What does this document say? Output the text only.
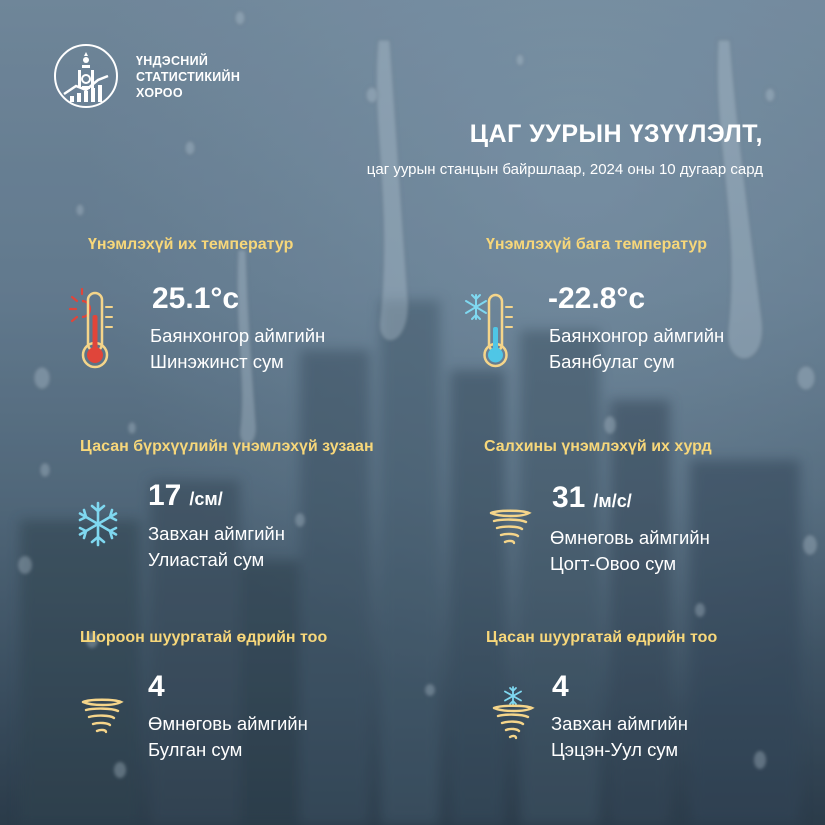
ҮНДЭСНИЙ
СТАТИСТИКИЙН
ХОРОО
ЦАГ УУРЫН ҮЗҮҮЛЭЛТ,
цаг уурын станцын байршлаар, 2024 оны 10 дугаар сард
Үнэмлэхүй их температур
25.1°c
Баянхонгор аймгийн
Шинэжинст сум
Үнэмлэхүй бага температур
-22.8°c
Баянхонгор аймгийн
Баянбулаг сум
Цасан бүрхүүлийн үнэмлэхүй зузаан
17 /см/
Завхан аймгийн
Улиастай сум
Салхины үнэмлэхүй их хурд
31 /м/с/
Өмнөговь аймгийн
Цогт-Овоо сум
Шороон шуургатай өдрийн тоо
4
Өмнөговь аймгийн
Булган сум
Цасан шуургатай өдрийн тоо
4
Завхан аймгийн
Цэцэн-Уул сум
